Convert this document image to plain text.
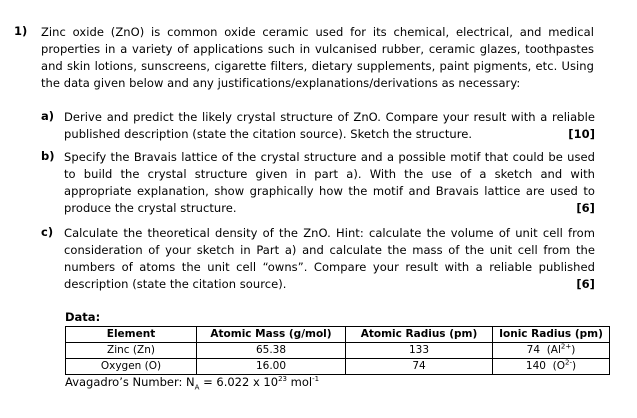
1) Zinc oxide (ZnO) is common oxide ceramic used for its chemical, electrical, and medical properties in a variety of applications such in vulcanised rubber, ceramic glazes, toothpastes and skin lotions, sunscreens, cigarette filters, dietary supplements, paint pigments, etc. Using the data given below and any justifications/explanations/derivations as necessary:
a) Derive and predict the likely crystal structure of ZnO. Compare your result with a reliable published description (state the citation source). Sketch the structure.	[10]
b) Specify the Bravais lattice of the crystal structure and a possible motif that could be used to build the crystal structure given in part a). With the use of a sketch and with appropriate explanation, show graphically how the motif and Bravais lattice are used to produce the crystal structure.	[6]
c) Calculate the theoretical density of the ZnO. Hint: calculate the volume of unit cell from consideration of your sketch in Part a) and calculate the mass of the unit cell from the numbers of atoms the unit cell “owns”. Compare your result with a reliable published description (state the citation source).	[6]
Data:
Element	Atomic Mass (g/mol)	Atomic Radius (pm)	Ionic Radius (pm)
Zinc (Zn)	65.38	133	74  $(Al^{2+})$
Oxygen (O)	16.00	74	140  $(O^{2-})$
Avagadro’s Number: $N_A = 6.022$ x $10^{23}$ mol$^{-1}$
